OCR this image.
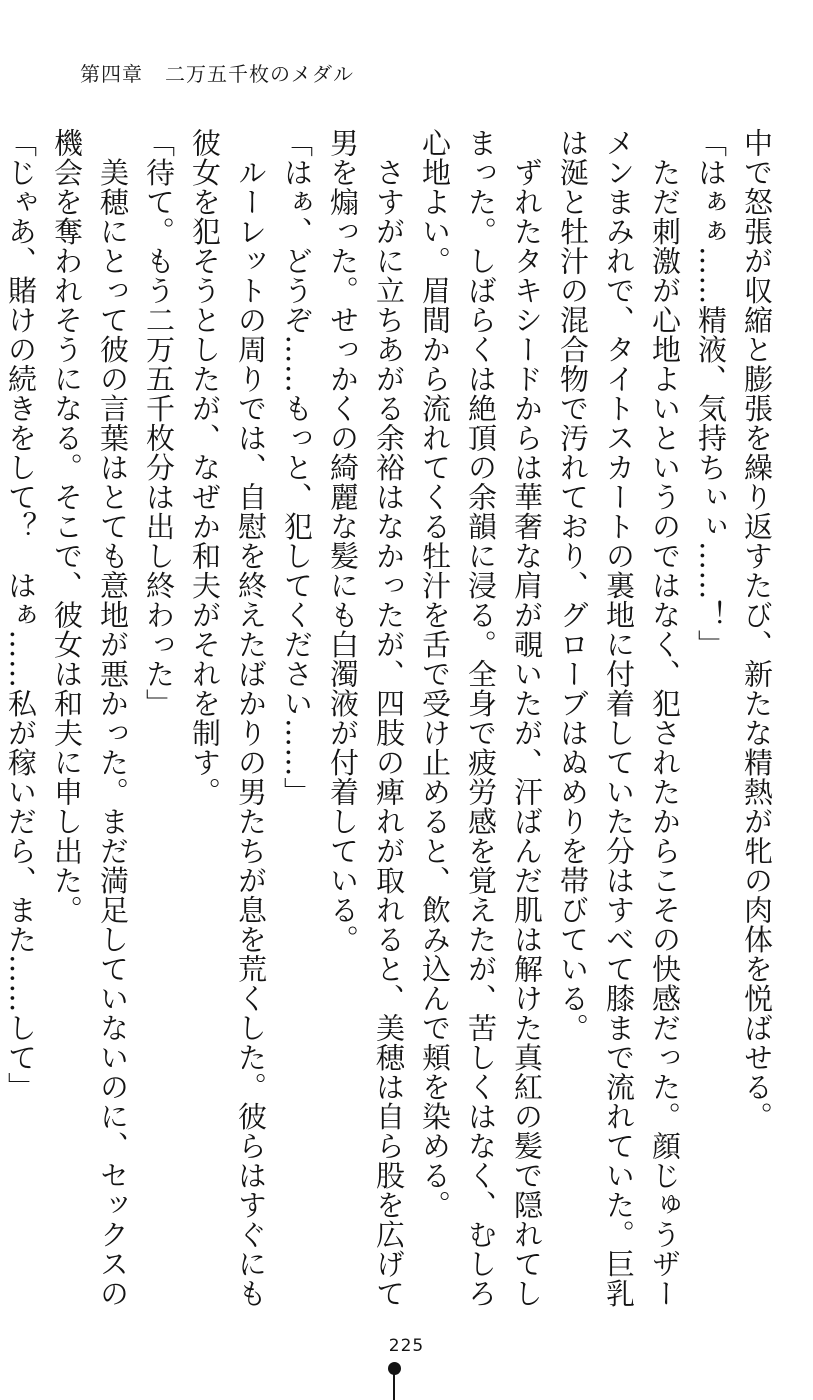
第四章 二万五千枚のメダル

中で怒張が収縮と膨張を繰り返すたび、新たな精熱が牝の肉体を悦ばせる。

「はぁぁ……精液、気持ちぃぃ……！」

　ただ刺激が心地よいというのではなく、犯されたからこその快感だった。顔じゅうザー

メンまみれで、タイトスカートの裏地に付着していた分はすべて膝まで流れていた。巨乳

は涎と牡汁の混合物で汚れており、グローブはぬめりを帯びている。

　ずれたタキシードからは華奢な肩が覗いたが、汗ばんだ肌は解けた真紅の髪で隠れてし

まった。しばらくは絶頂の余韻に浸る。全身で疲労感を覚えたが、苦しくはなく、むしろ

心地よい。眉間から流れてくる牡汁を舌で受け止めると、飲み込んで頬を染める。

　さすがに立ちあがる余裕はなかったが、四肢の痺れが取れると、美穂は自ら股を広げて

男を煽った。せっかくの綺麗な髪にも白濁液が付着している。

「はぁ、どうぞ……もっと、犯してください……」

　ルーレットの周りでは、自慰を終えたばかりの男たちが息を荒くした。彼らはすぐにも

彼女を犯そうとしたが、なぜか和夫がそれを制す。

「待て。もう二万五千枚分は出し終わった」

　美穂にとって彼の言葉はとても意地が悪かった。まだ満足していないのに、セックスの

機会を奪われそうになる。そこで、彼女は和夫に申し出た。

「じゃあ、賭けの続きをして？　はぁ……私が稼いだら、また……して」

225
